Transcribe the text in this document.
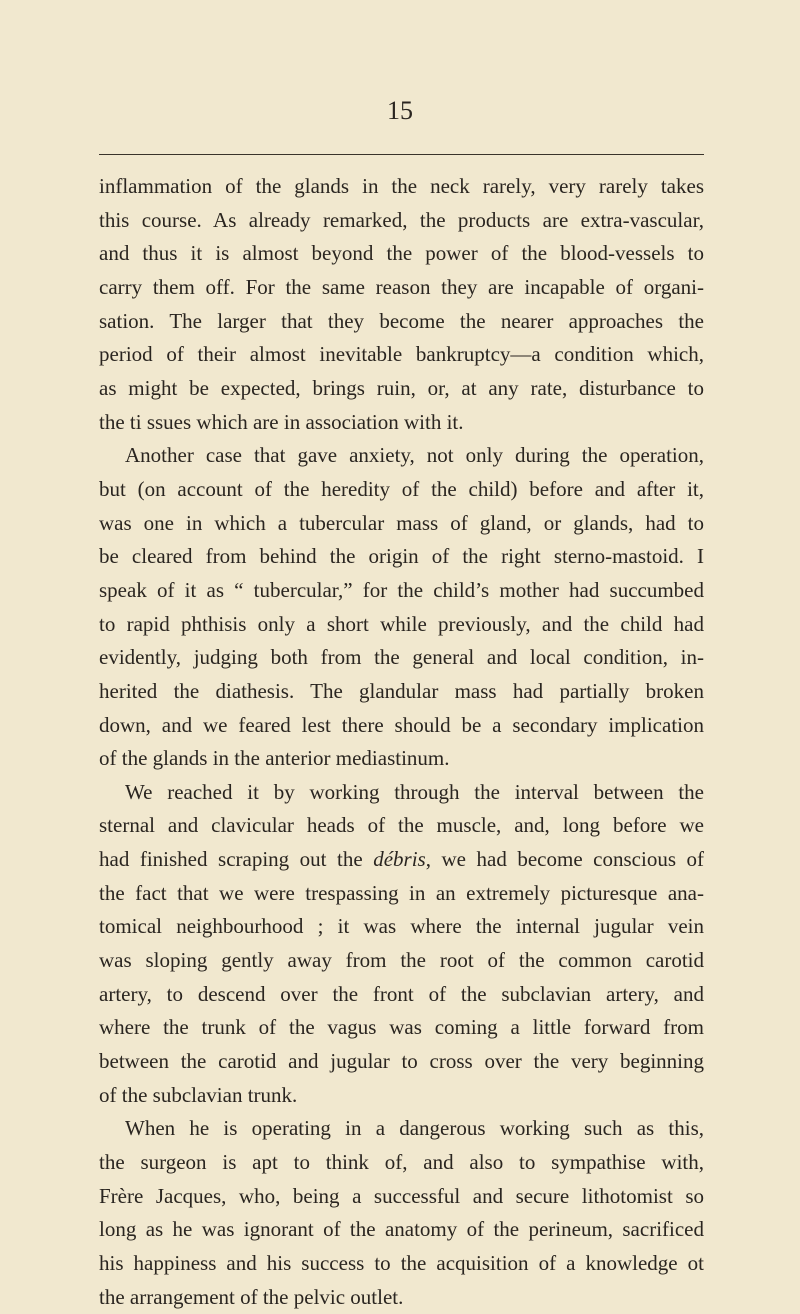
15

inflammation of the glands in the neck rarely, very rarely takes
this course. As already remarked, the products are extra-vascular,
and thus it is almost beyond the power of the blood-vessels to
carry them off. For the same reason they are incapable of organi-
sation. The larger that they become the nearer approaches the
period of their almost inevitable bankruptcy—a condition which,
as might be expected, brings ruin, or, at any rate, disturbance to
the ti ssues which are in association with it.

Another case that gave anxiety, not only during the operation,
but (on account of the heredity of the child) before and after it,
was one in which a tubercular mass of gland, or glands, had to
be cleared from behind the origin of the right sterno-mastoid. I
speak of it as “ tubercular,” for the child’s mother had succumbed
to rapid phthisis only a short while previously, and the child had
evidently, judging both from the general and local condition, in-
herited the diathesis. The glandular mass had partially broken
down, and we feared lest there should be a secondary implication
of the glands in the anterior mediastinum.

We reached it by working through the interval between the
sternal and clavicular heads of the muscle, and, long before we
had finished scraping out the débris, we had become conscious of
the fact that we were trespassing in an extremely picturesque ana-
tomical neighbourhood ; it was where the internal jugular vein
was sloping gently away from the root of the common carotid
artery, to descend over the front of the subclavian artery, and
where the trunk of the vagus was coming a little forward from
between the carotid and jugular to cross over the very beginning
of the subclavian trunk.

When he is operating in a dangerous working such as this,
the surgeon is apt to think of, and also to sympathise with,
Frère Jacques, who, being a successful and secure lithotomist so
long as he was ignorant of the anatomy of the perineum, sacrificed
his happiness and his success to the acquisition of a knowledge ot
the arrangement of the pelvic outlet.
